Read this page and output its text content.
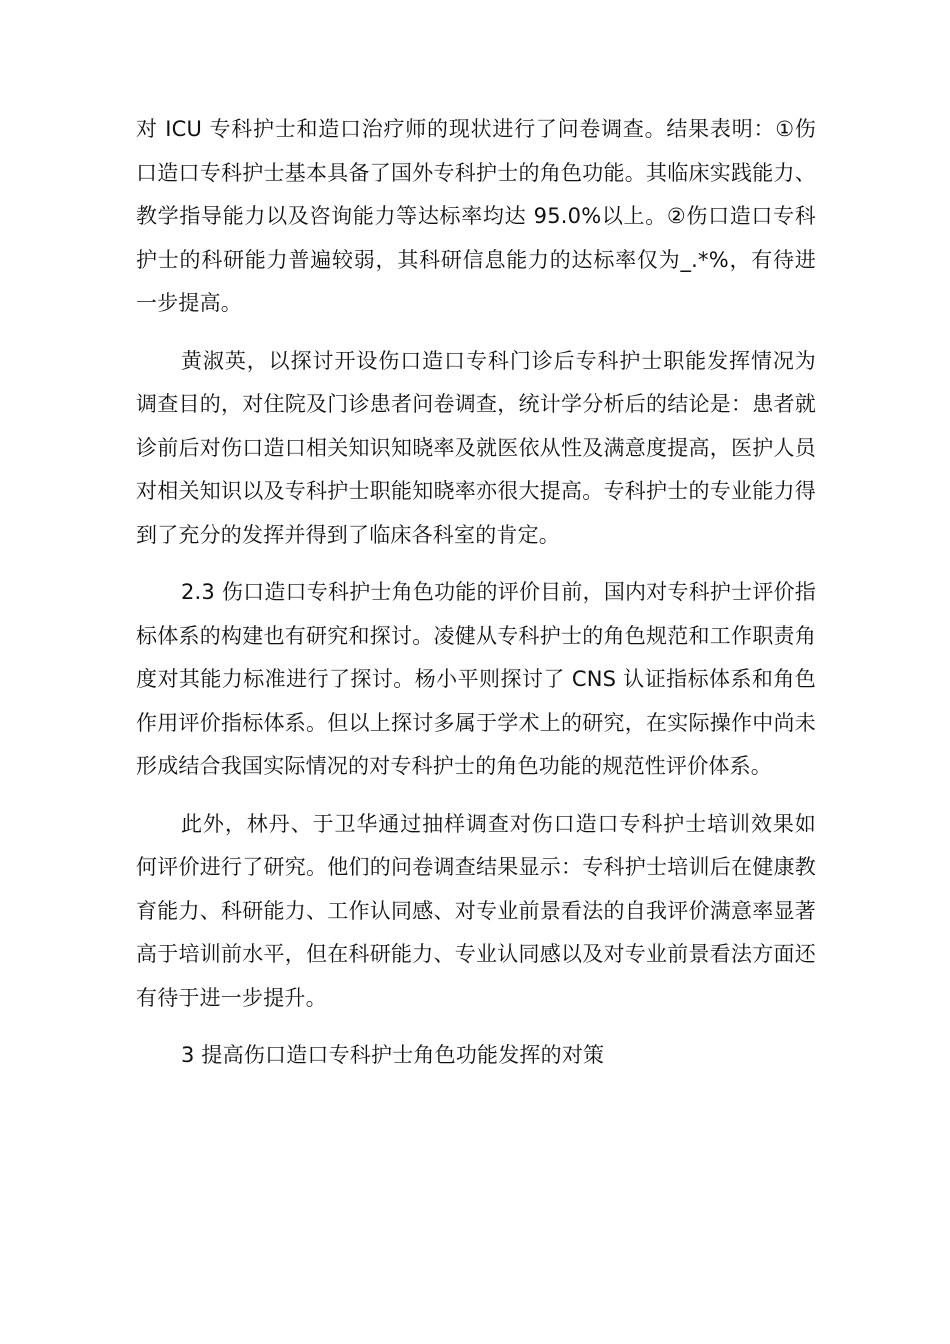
对 ICU 专科护士和造口治疗师的现状进行了问卷调查。结果表明：①伤口造口专科护士基本具备了国外专科护士的角色功能。其临床实践能力、教学指导能力以及咨询能力等达标率均达 95.0%以上。②伤口造口专科护士的科研能力普遍较弱，其科研信息能力的达标率仅为_.*%，有待进一步提高。

黄淑英，以探讨开设伤口造口专科门诊后专科护士职能发挥情况为调查目的，对住院及门诊患者问卷调查，统计学分析后的结论是：患者就诊前后对伤口造口相关知识知晓率及就医依从性及满意度提高，医护人员对相关知识以及专科护士职能知晓率亦很大提高。专科护士的专业能力得到了充分的发挥并得到了临床各科室的肯定。

2.3 伤口造口专科护士角色功能的评价目前，国内对专科护士评价指标体系的构建也有研究和探讨。凌健从专科护士的角色规范和工作职责角度对其能力标准进行了探讨。杨小平则探讨了 CNS 认证指标体系和角色作用评价指标体系。但以上探讨多属于学术上的研究，在实际操作中尚未形成结合我国实际情况的对专科护士的角色功能的规范性评价体系。

此外，林丹、于卫华通过抽样调查对伤口造口专科护士培训效果如何评价进行了研究。他们的问卷调查结果显示：专科护士培训后在健康教育能力、科研能力、工作认同感、对专业前景看法的自我评价满意率显著高于培训前水平，但在科研能力、专业认同感以及对专业前景看法方面还有待于进一步提升。

3 提高伤口造口专科护士角色功能发挥的对策
